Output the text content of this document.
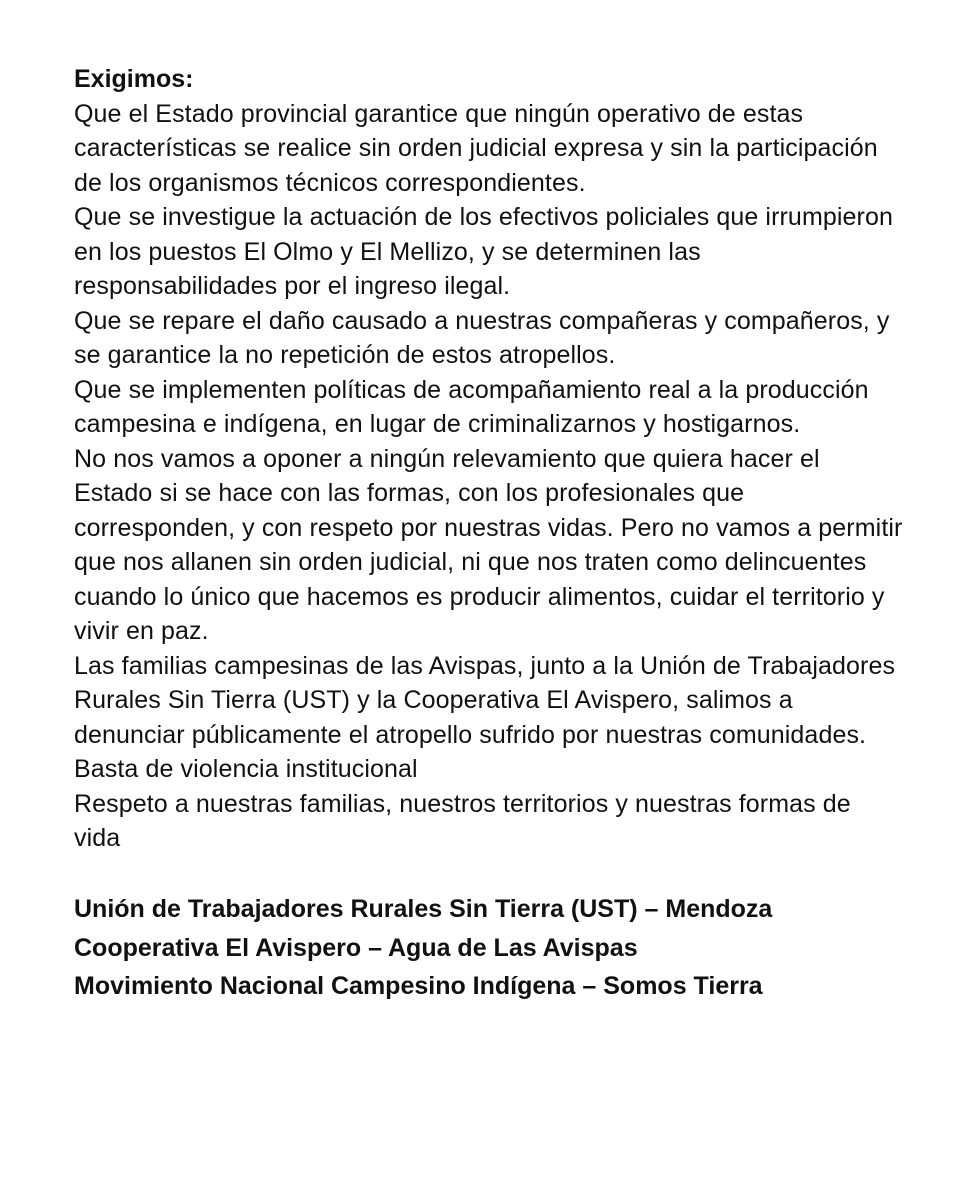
Exigimos:

Que el Estado provincial garantice que ningún operativo de estas características se realice sin orden judicial expresa y sin la participación de los organismos técnicos correspondientes.

Que se investigue la actuación de los efectivos policiales que irrumpieron en los puestos El Olmo y El Mellizo, y se determinen las responsabilidades por el ingreso ilegal.

Que se repare el daño causado a nuestras compañeras y compañeros, y se garantice la no repetición de estos atropellos.

Que se implementen políticas de acompañamiento real a la producción campesina e indígena, en lugar de criminalizarnos y hostigarnos.

No nos vamos a oponer a ningún relevamiento que quiera hacer el Estado si se hace con las formas, con los profesionales que corresponden, y con respeto por nuestras vidas. Pero no vamos a permitir que nos allanen sin orden judicial, ni que nos traten como delincuentes cuando lo único que hacemos es producir alimentos, cuidar el territorio y vivir en paz.

Las familias campesinas de las Avispas, junto a la Unión de Trabajadores Rurales Sin Tierra (UST) y la Cooperativa El Avispero, salimos a denunciar públicamente el atropello sufrido por nuestras comunidades.

Basta de violencia institucional

Respeto a nuestras familias, nuestros territorios y nuestras formas de vida

Unión de Trabajadores Rurales Sin Tierra (UST) – Mendoza

Cooperativa El Avispero – Agua de Las Avispas

Movimiento Nacional Campesino Indígena – Somos Tierra
